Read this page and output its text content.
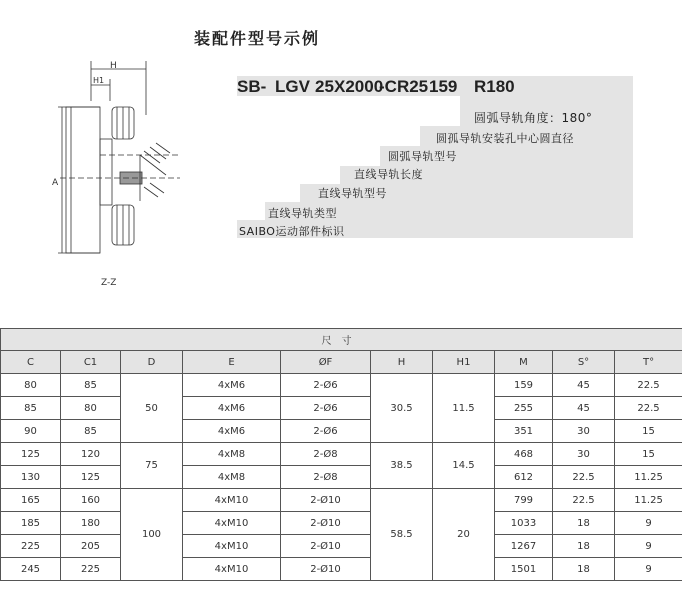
装配件型号示例
H
H1
A
Z-Z
SB- LGV 25 X2000
-CR25 159 R180
圆弧导轨角度：180°
圆孤导轨安装孔中心圆直径
圆弧导轨型号
直线导轨长度
直线导轨型号
直线导轨类型
SAIBO运动部件标识
尺寸									
C	C1	D	E	ØF	H	H1	M	S°	T°
80	85	50	4xM6	2-Ø6	30.5	11.5	159	45	22.5
85	80		4xM6	2-Ø6			255	45	22.5
90	85		4xM6	2-Ø6			351	30	15
125	120	75	4xM8	2-Ø8	38.5	14.5	468	30	15
130	125		4xM8	2-Ø8			612	22.5	11.25
165	160	100	4xM10	2-Ø10	58.5	20	799	22.5	11.25
185	180		4xM10	2-Ø10			1033	18	9
225	205		4xM10	2-Ø10			1267	18	9
245	225		4xM10	2-Ø10			1501	18	9
